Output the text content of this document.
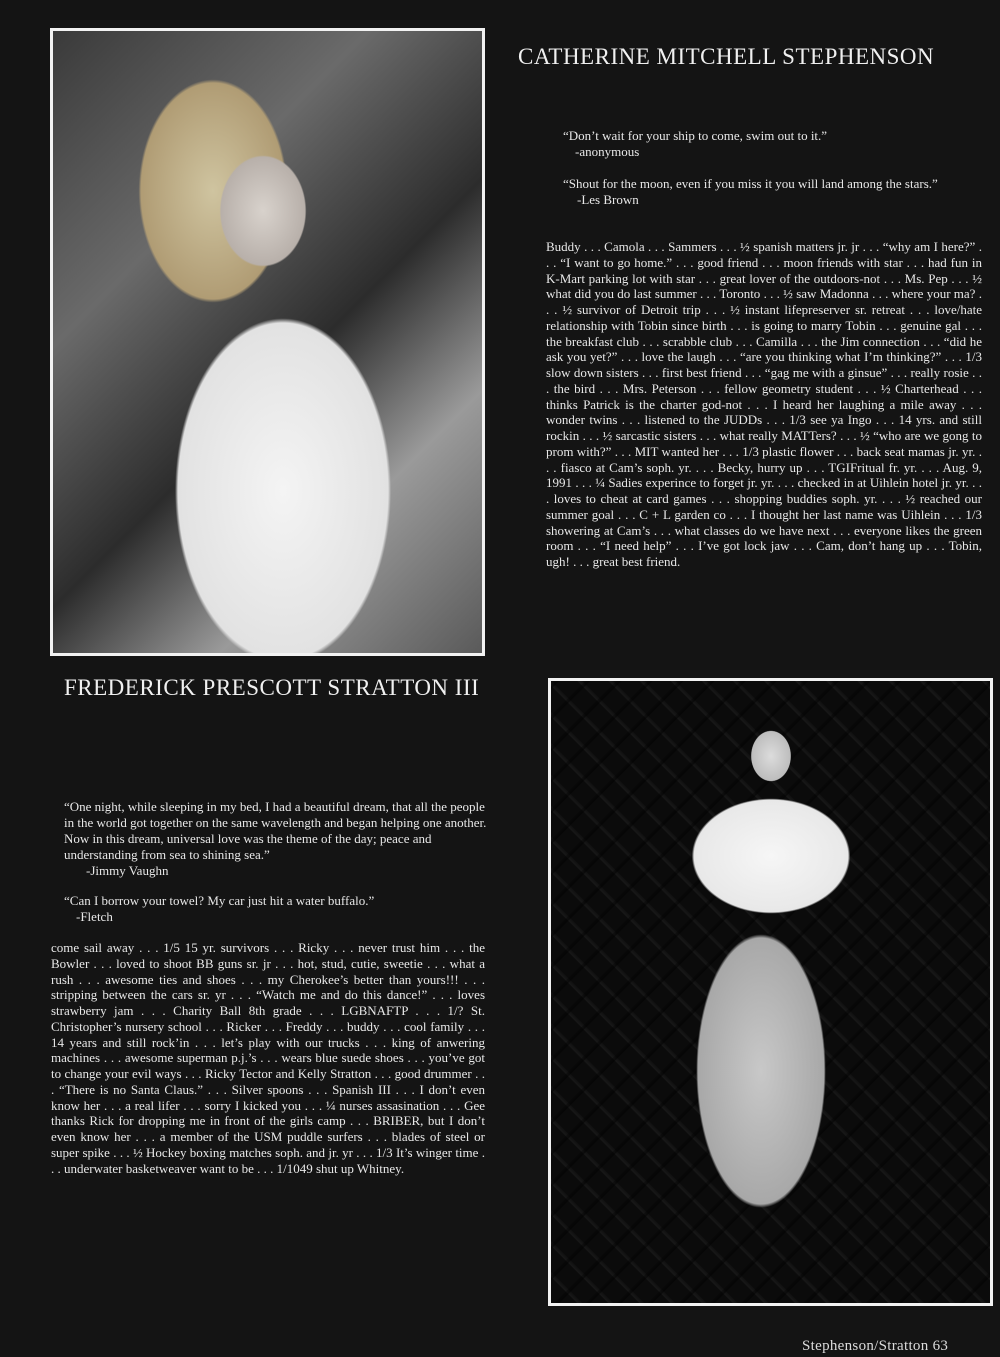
CATHERINE MITCHELL STEPHENSON

“Don’t wait for your ship to come, swim out to it.”
-anonymous

“Shout for the moon, even if you miss it you will land among the stars.”
-Les Brown

Buddy . . . Camola . . . Sammers . . . ½ spanish matters jr. jr . . . “why am I here?” . . . “I want to go home.” . . . good friend . . . moon friends with star . . . had fun in K-Mart parking lot with star . . . great lover of the outdoors-not . . . Ms. Pep . . . ½ what did you do last summer . . . Toronto . . . ½ saw Madonna . . . where your ma? . . . ½ survivor of Detroit trip . . . ½ instant lifepreserver sr. retreat . . . love/hate relationship with Tobin since birth . . . is going to marry Tobin . . . genuine gal . . . the breakfast club . . . scrabble club . . . Camilla . . . the Jim connection . . . “did he ask you yet?” . . . love the laugh . . . “are you thinking what I’m thinking?” . . . 1/3 slow down sisters . . . first best friend . . . “gag me with a ginsue” . . . really rosie . . . the bird . . . Mrs. Peterson . . . fellow geometry student . . . ½ Charterhead . . . thinks Patrick is the charter god-not . . . I heard her laughing a mile away . . . wonder twins . . . listened to the JUDDs . . . 1/3 see ya Ingo . . . 14 yrs. and still rockin . . . ½ sarcastic sisters . . . what really MATTers? . . . ½ “who are we gong to prom with?” . . . MIT wanted her . . . 1/3 plastic flower . . . back seat mamas jr. yr. . . . fiasco at Cam’s soph. yr. . . . Becky, hurry up . . . TGIFritual fr. yr. . . . Aug. 9, 1991 . . . ¼ Sadies experince to forget jr. yr. . . . checked in at Uihlein hotel jr. yr. . . . loves to cheat at card games . . . shopping buddies soph. yr. . . . ½ reached our summer goal . . . C + L garden co . . . I thought her last name was Uihlein . . . 1/3 showering at Cam’s . . . what classes do we have next . . . everyone likes the green room . . . “I need help” . . . I’ve got lock jaw . . . Cam, don’t hang up . . . Tobin, ugh! . . . great best friend.

FREDERICK PRESCOTT STRATTON III

“One night, while sleeping in my bed, I had a beautiful dream, that all the people in the world got together on the same wavelength and began helping one another. Now in this dream, universal love was the theme of the day; peace and understanding from sea to shining sea.”
-Jimmy Vaughn

“Can I borrow your towel? My car just hit a water buffalo.”
-Fletch

come sail away . . . 1/5 15 yr. survivors . . . Ricky . . . never trust him . . . the Bowler . . . loved to shoot BB guns sr. jr . . . hot, stud, cutie, sweetie . . . what a rush . . . awesome ties and shoes . . . my Cherokee’s better than yours!!! . . . stripping between the cars sr. yr . . . “Watch me and do this dance!” . . . loves strawberry jam . . . Charity Ball 8th grade . . . LGBNAFTP . . . 1/? St. Christopher’s nursery school . . . Ricker . . . Freddy . . . buddy . . . cool family . . . 14 years and still rock’in . . . let’s play with our trucks . . . king of anwering machines . . . awesome superman p.j.’s . . . wears blue suede shoes . . . you’ve got to change your evil ways . . . Ricky Tector and Kelly Stratton . . . good drummer . . . “There is no Santa Claus.” . . . Silver spoons . . . Spanish III . . . I don’t even know her . . . a real lifer . . . sorry I kicked you . . . ¼ nurses assasination . . . Gee thanks Rick for dropping me in front of the girls camp . . . BRIBER, but I don’t even know her . . . a member of the USM puddle surfers . . . blades of steel or super spike . . . ½ Hockey boxing matches soph. and jr. yr . . . 1/3 It’s winger time . . . underwater basketweaver want to be . . . 1/1049 shut up Whitney.

Stephenson/Stratton 63
